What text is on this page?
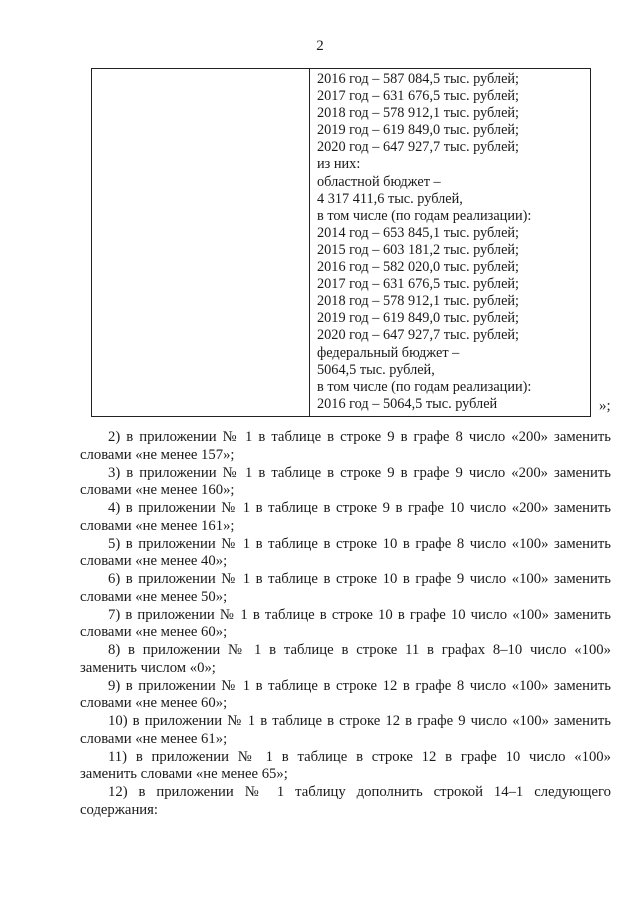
2

2016 год – 587 084,5 тыс. рублей;
2017 год – 631 676,5 тыс. рублей;
2018 год – 578 912,1 тыс. рублей;
2019 год – 619 849,0 тыс. рублей;
2020 год – 647 927,7 тыс. рублей;
из них:
областной бюджет –
4 317 411,6 тыс. рублей,
в том числе (по годам реализации):
2014 год – 653 845,1 тыс. рублей;
2015 год – 603 181,2 тыс. рублей;
2016 год – 582 020,0 тыс. рублей;
2017 год – 631 676,5 тыс. рублей;
2018 год – 578 912,1 тыс. рублей;
2019 год – 619 849,0 тыс. рублей;
2020 год – 647 927,7 тыс. рублей;
федеральный бюджет –
5064,5 тыс. рублей,
в том числе (по годам реализации):
2016 год – 5064,5 тыс. рублей	»;
2) в приложении № 1 в таблице в строке 9 в графе 8 число «200» заменить
словами «не менее 157»;
3) в приложении № 1 в таблице в строке 9 в графе 9 число «200» заменить
словами «не менее 160»;
4) в приложении № 1 в таблице в строке 9 в графе 10 число «200» заменить
словами «не менее 161»;
5) в приложении № 1 в таблице в строке 10 в графе 8 число «100» заменить
словами «не менее 40»;
6) в приложении № 1 в таблице в строке 10 в графе 9 число «100» заменить
словами «не менее 50»;
7) в приложении № 1 в таблице в строке 10 в графе 10 число «100» заменить
словами «не менее 60»;
8) в приложении № 1 в таблице в строке 11 в графах 8–10 число «100»
заменить числом «0»;
9) в приложении № 1 в таблице в строке 12 в графе 8 число «100» заменить
словами «не менее 60»;
10) в приложении № 1 в таблице в строке 12 в графе 9 число «100» заменить
словами «не менее 61»;
11) в приложении № 1 в таблице в строке 12 в графе 10 число «100»
заменить словами «не менее 65»;
12) в приложении № 1 таблицу дополнить строкой 14–1 следующего
содержания:
